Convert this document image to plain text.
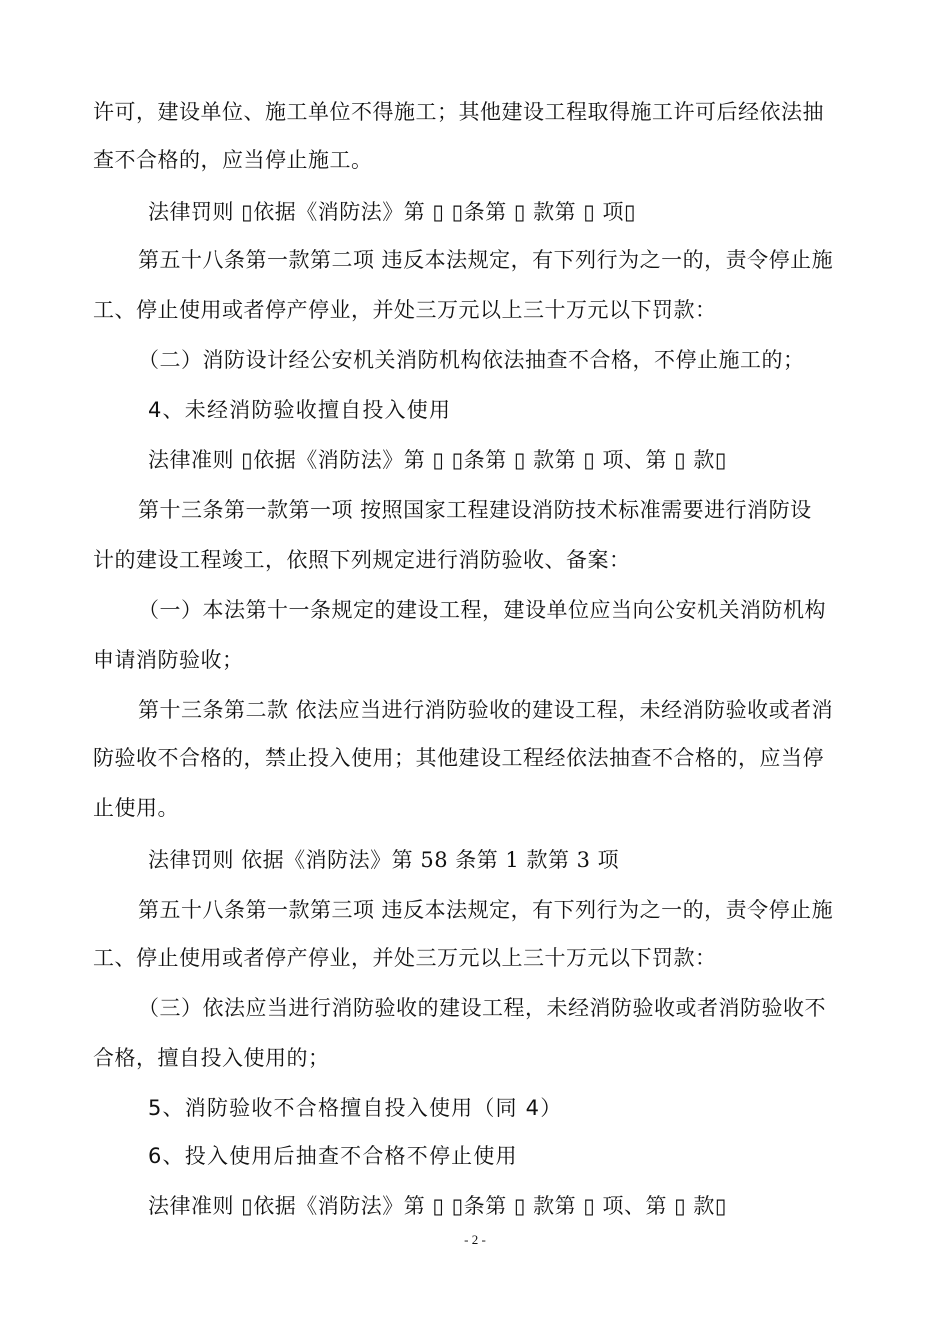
许可，建设单位、施工单位不得施工；其他建设工程取得施工许可后经依法抽
查不合格的，应当停止施工。
法律罚则 ▯依据《消防法》第 ▯ ▯条第 ▯ 款第 ▯ 项▯
第五十八条第一款第二项 违反本法规定，有下列行为之一的，责令停止施
工、停止使用或者停产停业，并处三万元以上三十万元以下罚款：
（二）消防设计经公安机关消防机构依法抽查不合格，不停止施工的；
4、未经消防验收擅自投入使用
法律准则 ▯依据《消防法》第 ▯ ▯条第 ▯ 款第 ▯ 项、第 ▯ 款▯
第十三条第一款第一项 按照国家工程建设消防技术标准需要进行消防设
计的建设工程竣工，依照下列规定进行消防验收、备案：
（一）本法第十一条规定的建设工程，建设单位应当向公安机关消防机构
申请消防验收；
第十三条第二款 依法应当进行消防验收的建设工程，未经消防验收或者消
防验收不合格的，禁止投入使用；其他建设工程经依法抽查不合格的，应当停
止使用。
法律罚则 依据《消防法》第 58 条第 1 款第 3 项
第五十八条第一款第三项 违反本法规定，有下列行为之一的，责令停止施
工、停止使用或者停产停业，并处三万元以上三十万元以下罚款：
（三）依法应当进行消防验收的建设工程，未经消防验收或者消防验收不
合格，擅自投入使用的；
5、消防验收不合格擅自投入使用（同 4）
6、投入使用后抽查不合格不停止使用
法律准则 ▯依据《消防法》第 ▯ ▯条第 ▯ 款第 ▯ 项、第 ▯ 款▯
- 2 -
